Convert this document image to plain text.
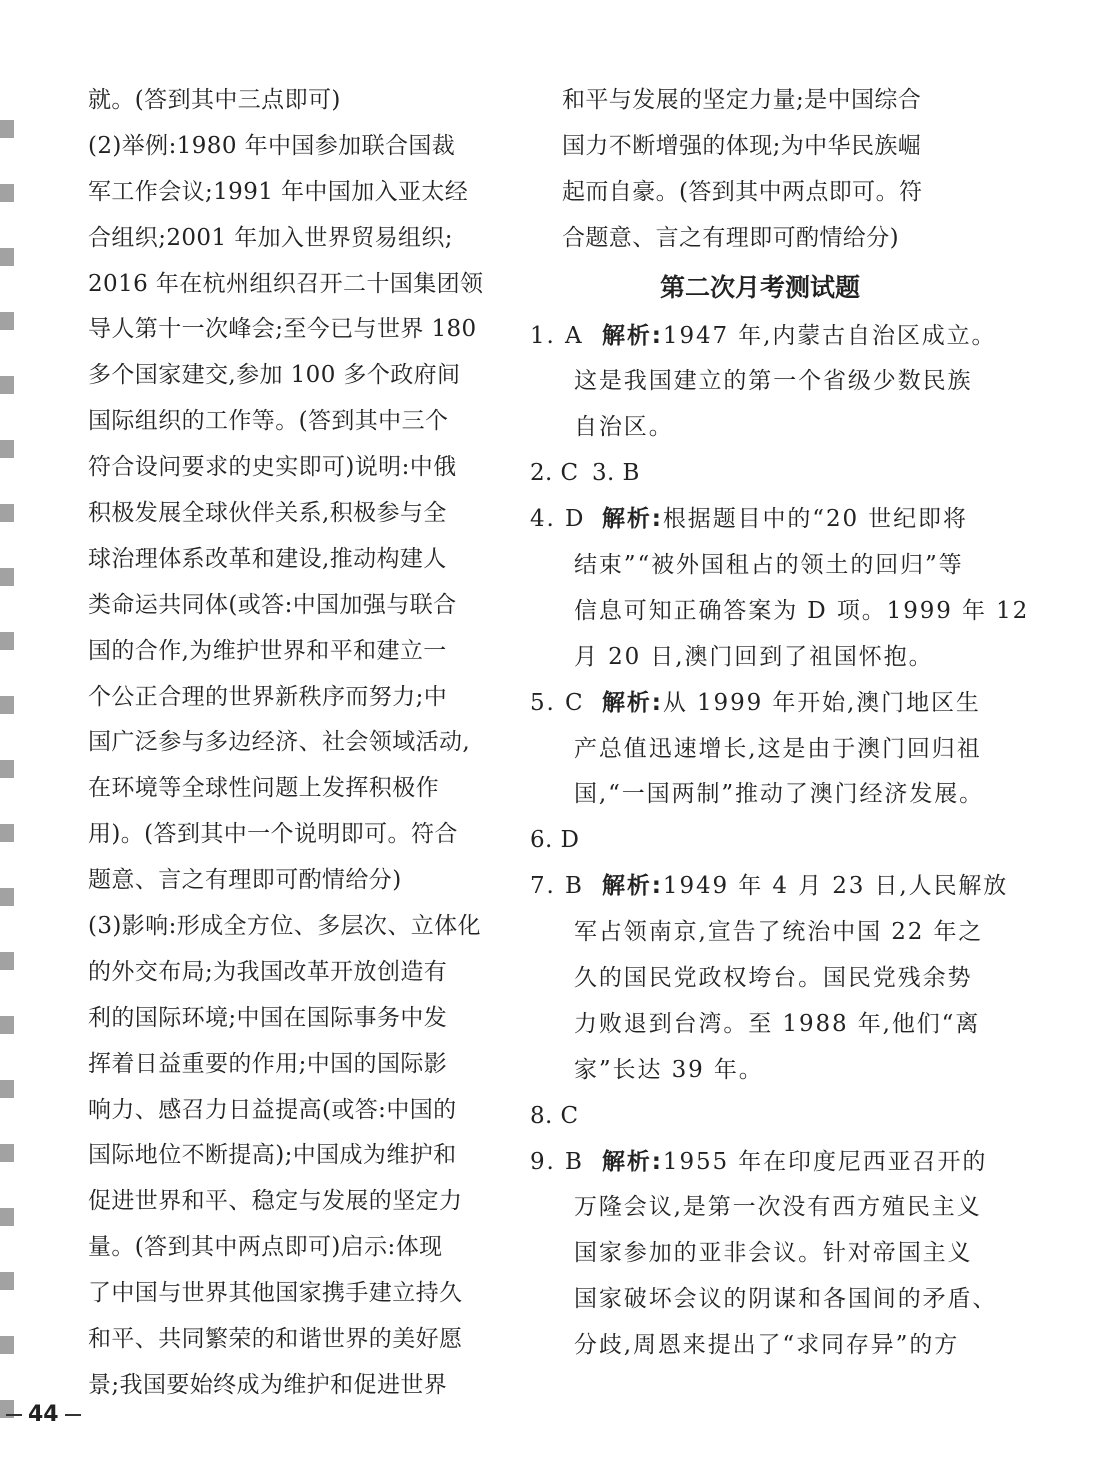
就。(答到其中三点即可)
(2)举例:1980 年中国参加联合国裁
军工作会议;1991 年中国加入亚太经
合组织;2001 年加入世界贸易组织;
2016 年在杭州组织召开二十国集团领
导人第十一次峰会;至今已与世界 180
多个国家建交,参加 100 多个政府间
国际组织的工作等。(答到其中三个
符合设问要求的史实即可)说明:中俄
积极发展全球伙伴关系,积极参与全
球治理体系改革和建设,推动构建人
类命运共同体(或答:中国加强与联合
国的合作,为维护世界和平和建立一
个公正合理的世界新秩序而努力;中
国广泛参与多边经济、社会领域活动,
在环境等全球性问题上发挥积极作
用)。(答到其中一个说明即可。符合
题意、言之有理即可酌情给分)
(3)影响:形成全方位、多层次、立体化
的外交布局;为我国改革开放创造有
利的国际环境;中国在国际事务中发
挥着日益重要的作用;中国的国际影
响力、感召力日益提高(或答:中国的
国际地位不断提高);中国成为维护和
促进世界和平、稳定与发展的坚定力
量。(答到其中两点即可)启示:体现
了中国与世界其他国家携手建立持久
和平、共同繁荣的和谐世界的美好愿
景;我国要始终成为维护和促进世界
和平与发展的坚定力量;是中国综合
国力不断增强的体现;为中华民族崛
起而自豪。(答到其中两点即可。符
合题意、言之有理即可酌情给分)
第二次月考测试题
1. A 解析:1947 年,内蒙古自治区成立。
这是我国建立的第一个省级少数民族
自治区。
2. C 3. B
4. D 解析:根据题目中的“20 世纪即将
结束”“被外国租占的领土的回归”等
信息可知正确答案为 D 项。1999 年 12
月 20 日,澳门回到了祖国怀抱。
5. C 解析:从 1999 年开始,澳门地区生
产总值迅速增长,这是由于澳门回归祖
国,“一国两制”推动了澳门经济发展。
6. D
7. B 解析:1949 年 4 月 23 日,人民解放
军占领南京,宣告了统治中国 22 年之
久的国民党政权垮台。国民党残余势
力败退到台湾。至 1988 年,他们“离
家”长达 39 年。
8. C
9. B 解析:1955 年在印度尼西亚召开的
万隆会议,是第一次没有西方殖民主义
国家参加的亚非会议。针对帝国主义
国家破坏会议的阴谋和各国间的矛盾、
分歧,周恩来提出了“求同存异”的方
44
